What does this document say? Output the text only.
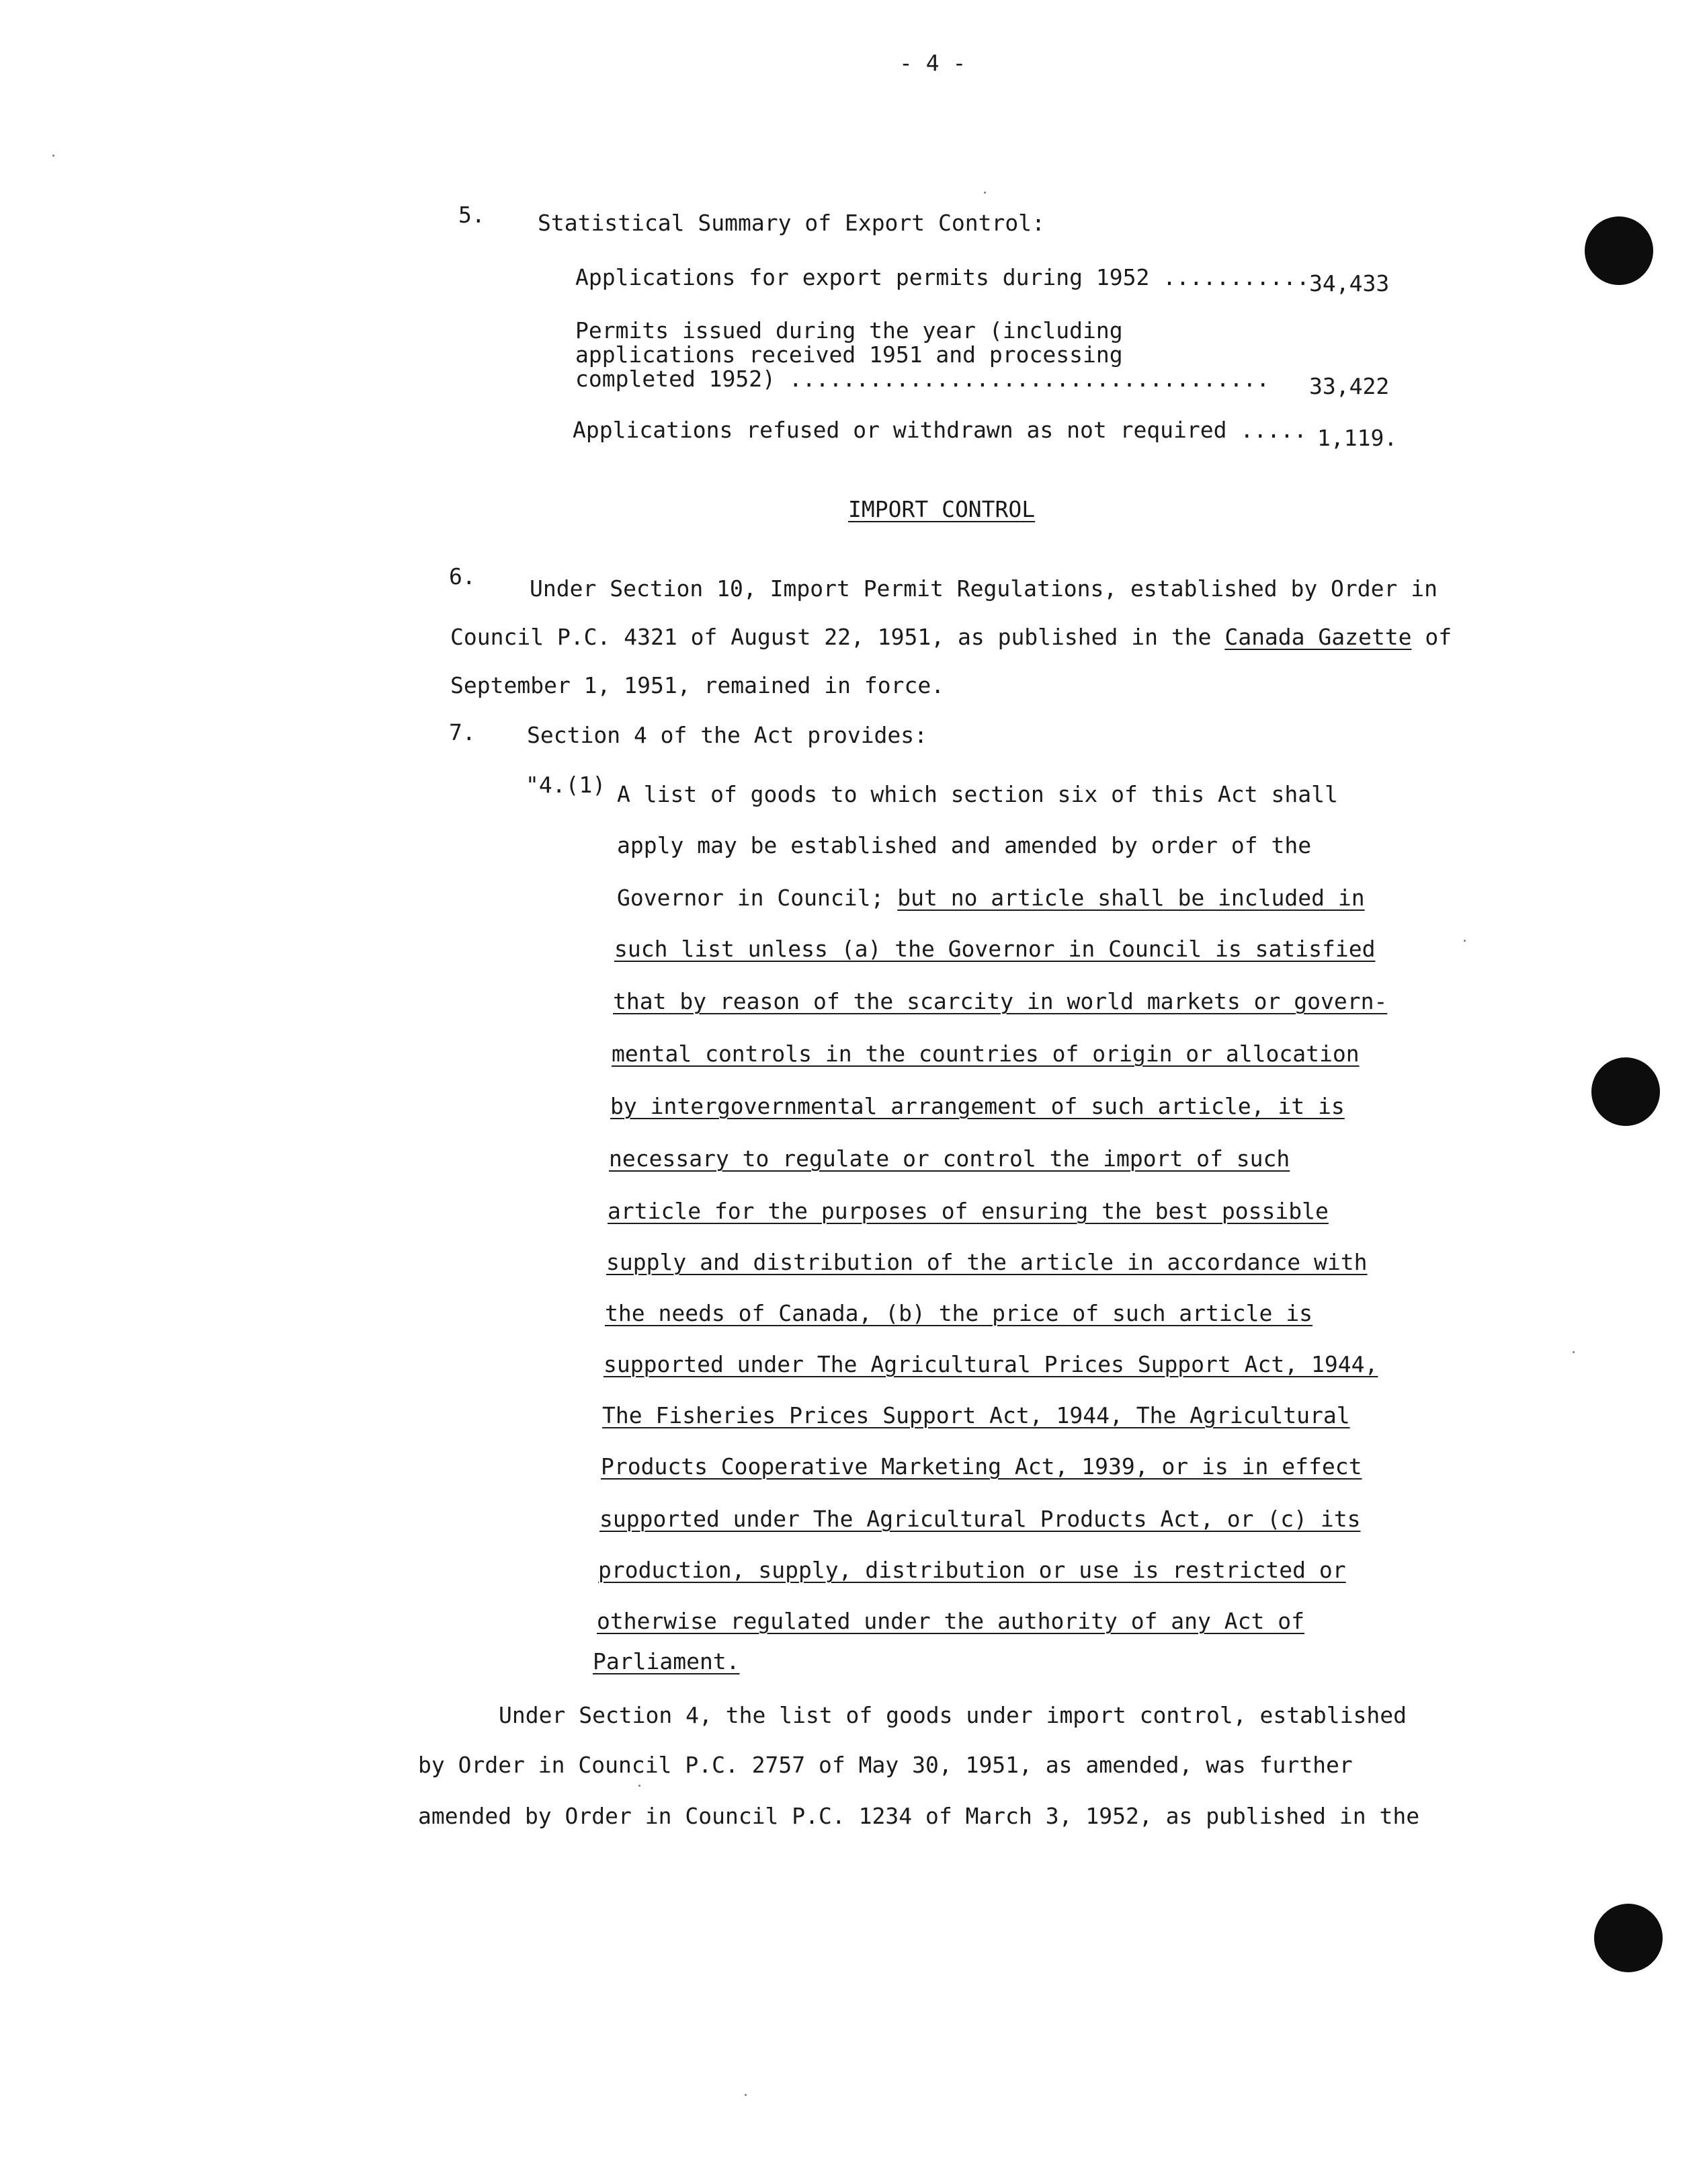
- 4 -
5. Statistical Summary of Export Control:
Applications for export permits during 1952 ........... 34,433
Permits issued during the year (including
applications received 1951 and processing
completed 1952) .................................... 33,422
Applications refused or withdrawn as not required ..... 1,119.
IMPORT CONTROL
6. Under Section 10, Import Permit Regulations, established by Order in
Council P.C. 4321 of August 22, 1951, as published in the Canada Gazette of
September 1, 1951, remained in force.
7. Section 4 of the Act provides:
"4.(1) A list of goods to which section six of this Act shall
apply may be established and amended by order of the
Governor in Council; but no article shall be included in
such list unless (a) the Governor in Council is satisfied
that by reason of the scarcity in world markets or govern-
mental controls in the countries of origin or allocation
by intergovernmental arrangement of such article, it is
necessary to regulate or control the import of such
article for the purposes of ensuring the best possible
supply and distribution of the article in accordance with
the needs of Canada, (b) the price of such article is
supported under The Agricultural Prices Support Act, 1944,
The Fisheries Prices Support Act, 1944, The Agricultural
Products Cooperative Marketing Act, 1939, or is in effect
supported under The Agricultural Products Act, or (c) its
production, supply, distribution or use is restricted or
otherwise regulated under the authority of any Act of
Parliament.
Under Section 4, the list of goods under import control, established
by Order in Council P.C. 2757 of May 30, 1951, as amended, was further
amended by Order in Council P.C. 1234 of March 3, 1952, as published in the
